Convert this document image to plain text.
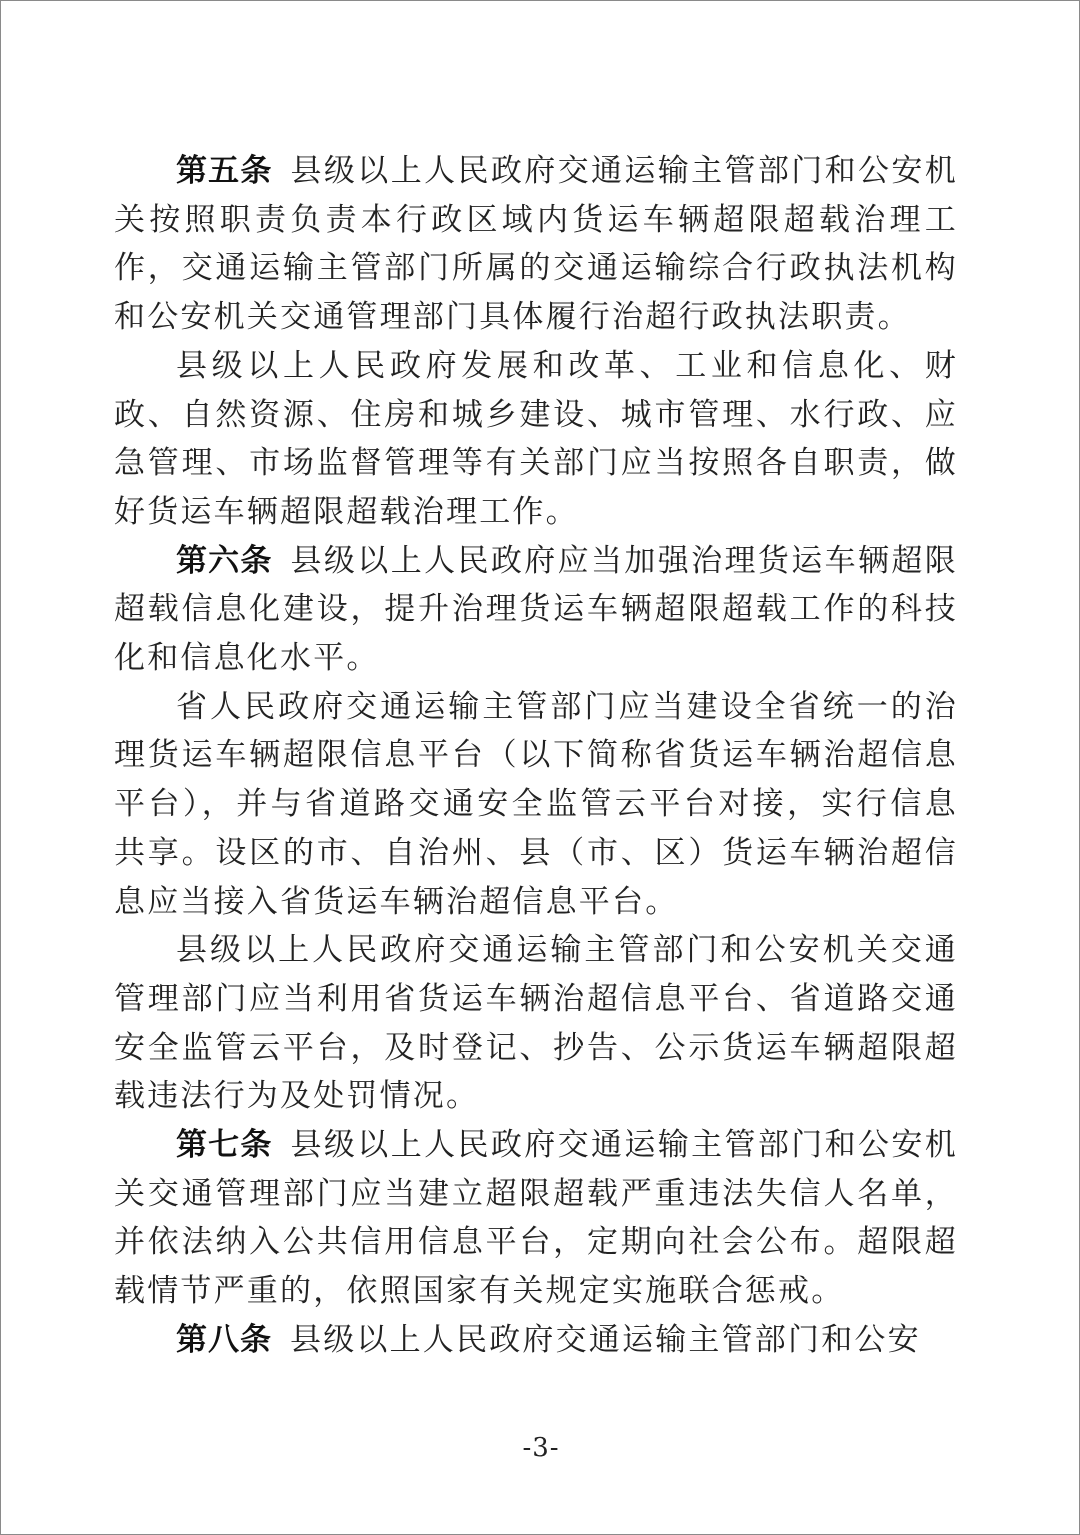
第五条 县级以上人民政府交通运输主管部门和公安机关按照职责负责本行政区域内货运车辆超限超载治理工作，交通运输主管部门所属的交通运输综合行政执法机构和公安机关交通管理部门具体履行治超行政执法职责。

县级以上人民政府发展和改革、工业和信息化、财政、自然资源、住房和城乡建设、城市管理、水行政、应急管理、市场监督管理等有关部门应当按照各自职责，做好货运车辆超限超载治理工作。

第六条 县级以上人民政府应当加强治理货运车辆超限超载信息化建设，提升治理货运车辆超限超载工作的科技化和信息化水平。

省人民政府交通运输主管部门应当建设全省统一的治理货运车辆超限信息平台（以下简称省货运车辆治超信息平台），并与省道路交通安全监管云平台对接，实行信息共享。设区的市、自治州、县（市、区）货运车辆治超信息应当接入省货运车辆治超信息平台。

县级以上人民政府交通运输主管部门和公安机关交通管理部门应当利用省货运车辆治超信息平台、省道路交通安全监管云平台，及时登记、抄告、公示货运车辆超限超载违法行为及处罚情况。

第七条 县级以上人民政府交通运输主管部门和公安机关交通管理部门应当建立超限超载严重违法失信人名单，并依法纳入公共信用信息平台，定期向社会公布。超限超载情节严重的，依照国家有关规定实施联合惩戒。

第八条 县级以上人民政府交通运输主管部门和公安

-3-
